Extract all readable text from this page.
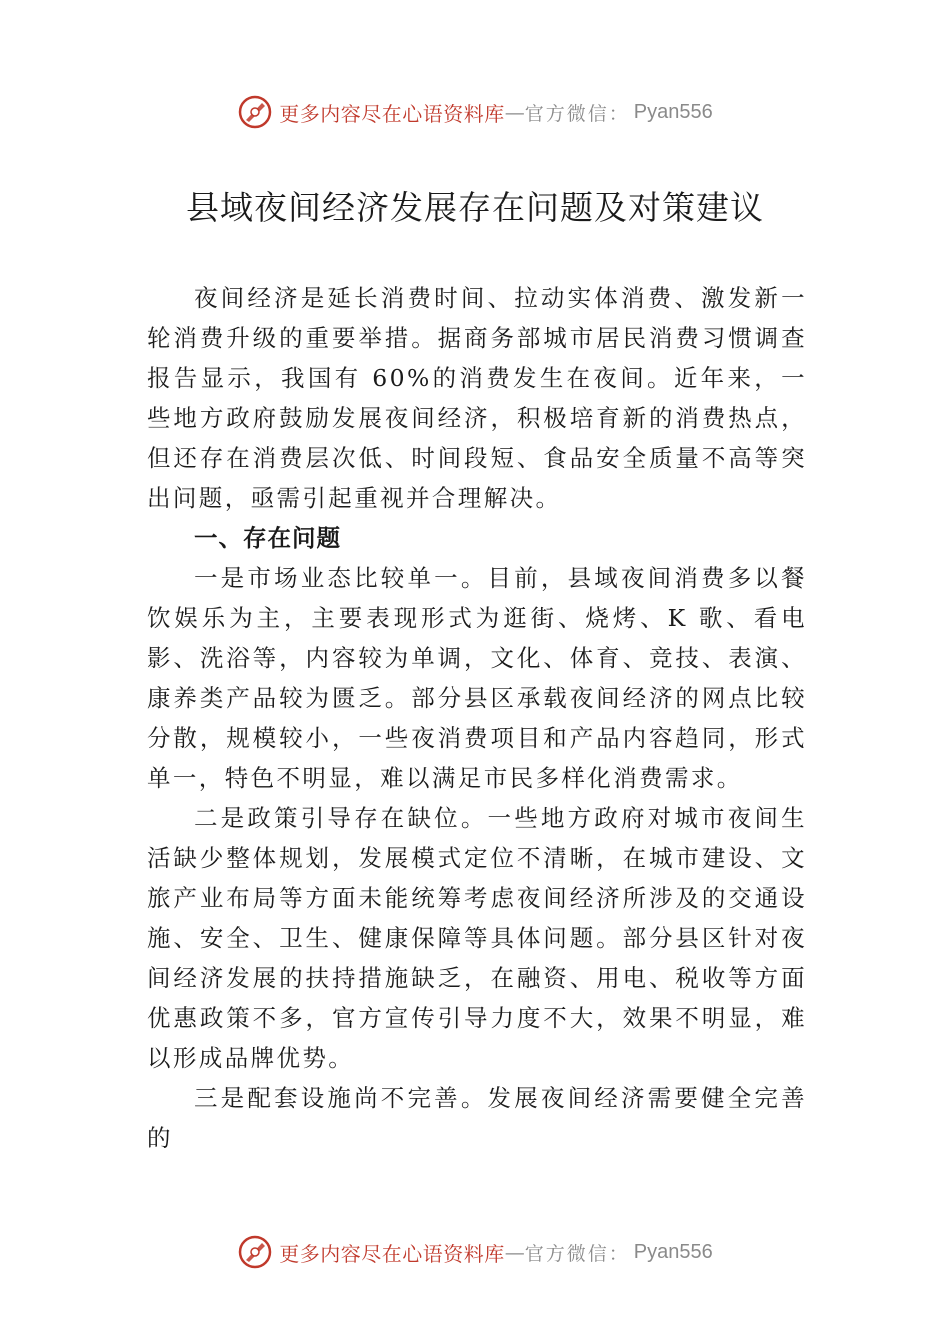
更多内容尽在心语资料库 — 官方微信： Pyan556
县域夜间经济发展存在问题及对策建议

夜间经济是延长消费时间、拉动实体消费、激发新一轮消费升级的重要举措。据商务部城市居民消费习惯调查报告显示，我国有 60%的消费发生在夜间。近年来，一些地方政府鼓励发展夜间经济，积极培育新的消费热点，但还存在消费层次低、时间段短、食品安全质量不高等突出问题，亟需引起重视并合理解决。

一、存在问题

一是市场业态比较单一。目前，县域夜间消费多以餐饮娱乐为主，主要表现形式为逛街、烧烤、K 歌、看电影、洗浴等，内容较为单调，文化、体育、竞技、表演、康养类产品较为匮乏。部分县区承载夜间经济的网点比较分散，规模较小，一些夜消费项目和产品内容趋同，形式单一，特色不明显，难以满足市民多样化消费需求。

二是政策引导存在缺位。一些地方政府对城市夜间生活缺少整体规划，发展模式定位不清晰，在城市建设、文旅产业布局等方面未能统筹考虑夜间经济所涉及的交通设施、安全、卫生、健康保障等具体问题。部分县区针对夜间经济发展的扶持措施缺乏，在融资、用电、税收等方面优惠政策不多，官方宣传引导力度不大，效果不明显，难以形成品牌优势。

三是配套设施尚不完善。发展夜间经济需要健全完善的

更多内容尽在心语资料库 — 官方微信： Pyan556
